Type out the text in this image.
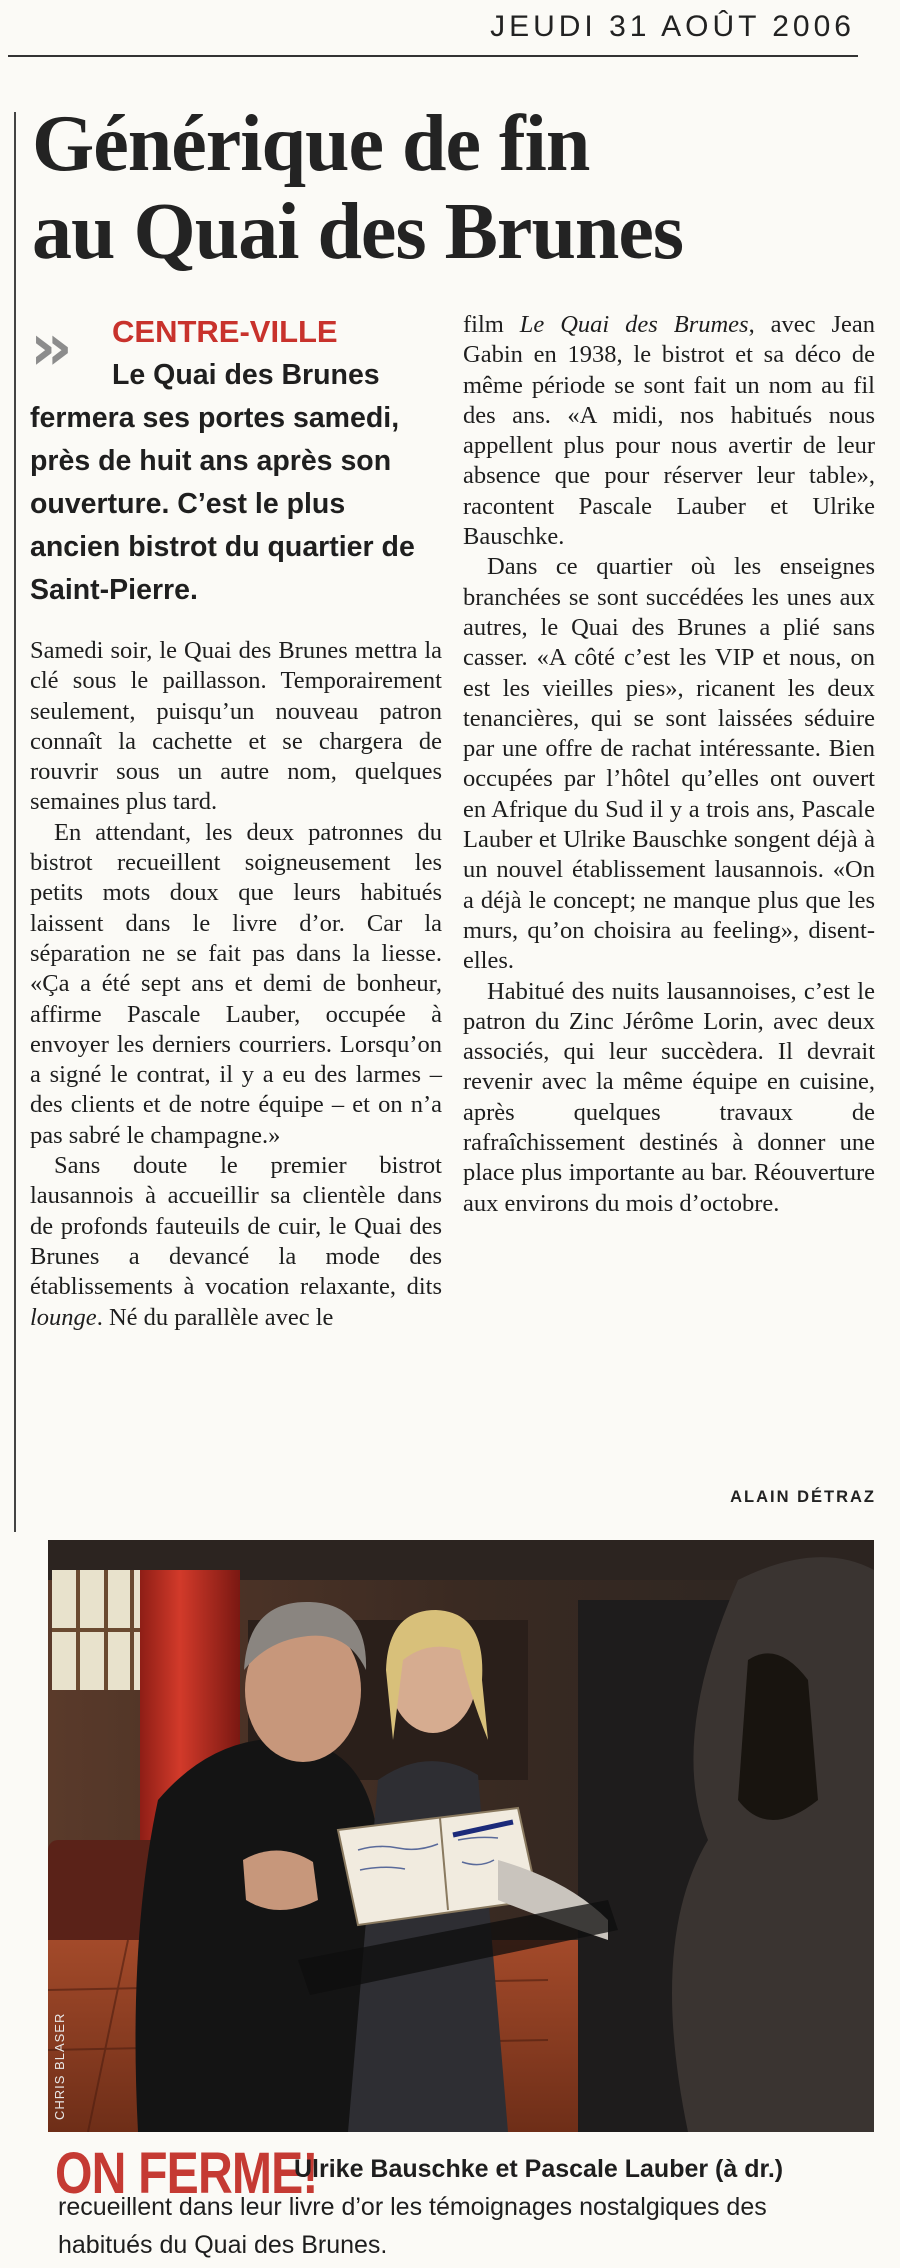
JEUDI 31 AOÛT 2006
Générique de fin
au Quai des Brunes
›› CENTRE-VILLE

Le Quai des Brunes fermera ses portes samedi, près de huit ans après son ouverture. C’est le plus ancien bistrot du quartier de Saint-Pierre.

Samedi soir, le Quai des Brunes mettra la clé sous le paillasson. Temporairement seulement, puisqu’un nouveau patron connaît la cachette et se chargera de rouvrir sous un autre nom, quelques semaines plus tard.

En attendant, les deux patronnes du bistrot recueillent soigneusement les petits mots doux que leurs habitués laissent dans le livre d’or. Car la séparation ne se fait pas dans la liesse. «Ça a été sept ans et demi de bonheur, affirme Pascale Lauber, occupée à envoyer les derniers courriers. Lorsqu’on a signé le contrat, il y a eu des larmes – des clients et de notre équipe – et on n’a pas sabré le champagne.»

Sans doute le premier bistrot lausannois à accueillir sa clientèle dans de profonds fauteuils de cuir, le Quai des Brunes a devancé la mode des établissements à vocation relaxante, dits lounge. Né du parallèle avec le

film Le Quai des Brumes, avec Jean Gabin en 1938, le bistrot et sa déco de même période se sont fait un nom au fil des ans. «A midi, nos habitués nous appellent plus pour nous avertir de leur absence que pour réserver leur table», racontent Pascale Lauber et Ulrike Bauschke.

Dans ce quartier où les enseignes branchées se sont succédées les unes aux autres, le Quai des Brunes a plié sans casser. «A côté c’est les VIP et nous, on est les vieilles pies», ricanent les deux tenancières, qui se sont laissées séduire par une offre de rachat intéressante. Bien occupées par l’hôtel qu’elles ont ouvert en Afrique du Sud il y a trois ans, Pascale Lauber et Ulrike Bauschke songent déjà à un nouvel établissement lausannois. «On a déjà le concept; ne manque plus que les murs, qu’on choisira au feeling», disent-elles.

Habitué des nuits lausannoises, c’est le patron du Zinc Jérôme Lorin, avec deux associés, qui leur succèdera. Il devrait revenir avec la même équipe en cuisine, après quelques travaux de rafraîchissement destinés à donner une place plus importante au bar. Réouverture aux environs du mois d’octobre.

ALAIN DÉTRAZ
CHRIS BLASER
ON FERME!
Ulrike Bauschke et Pascale Lauber (à dr.) recueillent dans leur livre d’or les témoignages nostalgiques des habitués du Quai des Brunes.
